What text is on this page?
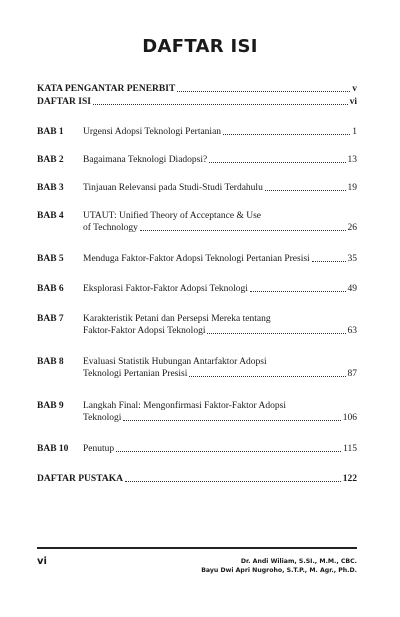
DAFTAR ISI
KATA PENGANTAR PENERBIT	v
DAFTAR ISI	vi
BAB 1	Urgensi Adopsi Teknologi Pertanian	1
BAB 2	Bagaimana Teknologi Diadopsi?	13
BAB 3	Tinjauan Relevansi pada Studi-Studi Terdahulu	19
BAB 4	UTAUT: Unified Theory of Acceptance & Use
of Technology	26
BAB 5	Menduga Faktor-Faktor Adopsi Teknologi Pertanian Presisi	35
BAB 6	Eksplorasi Faktor-Faktor Adopsi Teknologi	49
BAB 7	Karakteristik Petani dan Persepsi Mereka tentang
Faktor-Faktor Adopsi Teknologi	63
BAB 8	Evaluasi Statistik Hubungan Antarfaktor Adopsi
Teknologi Pertanian Presisi	87
BAB 9	Langkah Final: Mengonfirmasi Faktor-Faktor Adopsi
Teknologi	106
BAB 10	Penutup	115
DAFTAR PUSTAKA	122
vi	Dr. Andi Wiliam, S.SI., M.M., CBC.
Bayu Dwi Apri Nugroho, S.T.P., M. Agr., Ph.D.
